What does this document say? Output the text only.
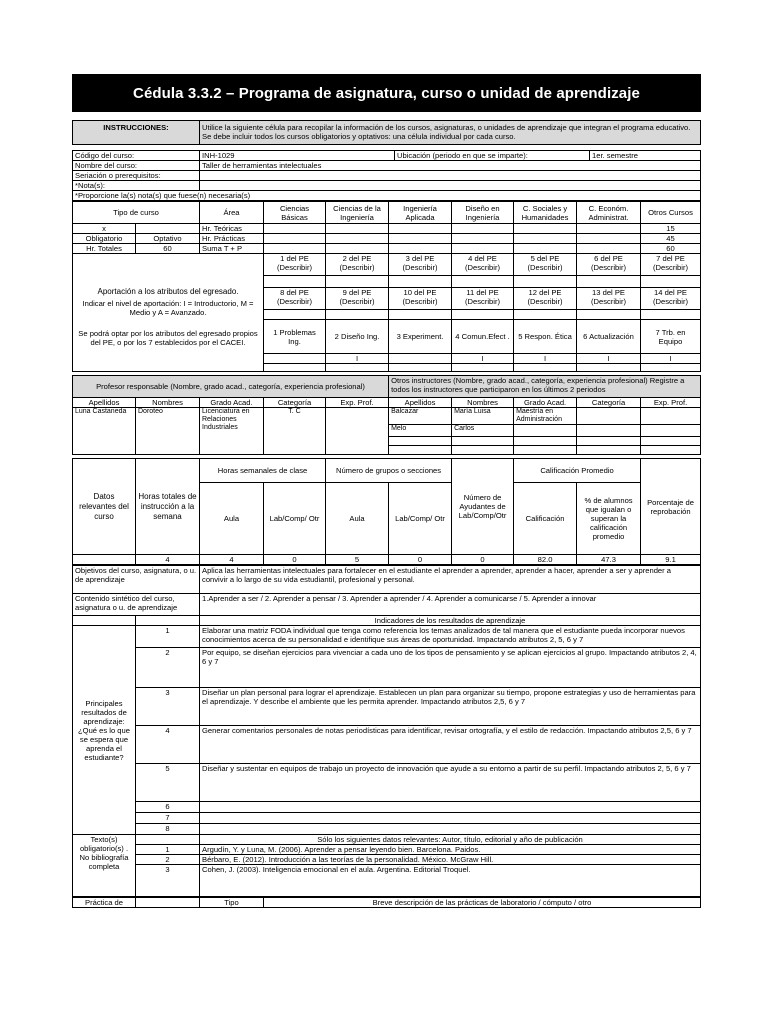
Cédula 3.3.2 – Programa de asignatura, curso o unidad de aprendizaje
INSTRUCCIONES:	Utilice la siguiente célula para recopilar la información de los cursos, asignaturas, o unidades de aprendizaje que integran el programa educativo. Se debe incluir todos los cursos obligatorios y optativos: una célula individual por cada curso.
Código del curso:	INH-1029	Ubicación (periodo en que se imparte):	1er. semestre
Nombre del curso:	Taller de herramientas intelectuales		
Seriación o prerequisitos:			
*Nota(s):			
*Proporcione la(s) nota(s) que fuese(n) necesaria(s)			
Tipo de curso		Área	Ciencias Básicas	Ciencias de la Ingeniería	Ingeniería Aplicada	Diseño en Ingeniería	C. Sociales y Humanidades	C. Económ. Administrat.	Otros Cursos
x		Hr. Teóricas							15
Obligatorio	Optativo	Hr. Prácticas							45
Hr. Totales	60	Suma T + P							60

Aportación a los atributos del egresado.
Indicar el nivel de aportación: I = Introductorio, M = Medio y A = Avanzado.
Se podrá optar por los atributos del egresado propios del PE, o por los 7 establecidos por el CACEI.			1 del PE (Describir)	2 del PE (Describir)	3 del PE (Describir)	4 del PE (Describir)	5 del PE (Describir)	6 del PE (Describir)	7 del PE (Describir)

			8 del PE (Describir)	9 del PE (Describir)	10 del PE (Describir)	11 del PE (Describir)	12 del PE (Describir)	13 del PE (Describir)	14 del PE (Describir)

			1 Problemas Ing.	2 Diseño Ing.	3 Experiment.	4 Comun.Efect .	5 Respon. Ética	6 Actualización	7 Trb. en Equipo
				I		I	I	I	I

Profesor responsable (Nombre, grado acad., categoría, experiencia profesional)					Otros instructores (Nombre, grado acad., categoría, experiencia profesional) Registre a todos los instructores que participaron en los últimos 2 periodos				
Apellidos	Nombres	Grado Acad.	Categoría	Exp. Prof.	Apellidos	Nombres	Grado Acad.	Categoría	Exp. Prof.
Luna Castaneda	Doroteo	Licenciatura en Relaciones Industriales	T. C		Balcazar	María Luisa	Maestría en Administración		
					Melo	Carlos			

Datos relevantes del curso	Horas totales de instrucción a la semana	Horas semanales de clase		Número de grupos o secciones		Número de Ayudantes de Lab/Comp/Otr	Calificación Promedio		Porcentaje de reprobación
		Aula	Lab/Comp/ Otr	Aula	Lab/Comp/ Otr		Calificación	% de alumnos que igualan o superan la calificación promedio	
	4	4	0	5	0	0	82.0	47.3	9.1
Objetivos del curso, asignatura, o u. de aprendizaje		Aplica las herramientas intelectuales para fortalecer en el estudiante el aprender a aprender, aprender a hacer, aprender a ser y aprender a convivir a lo largo de su vida estudiantil, profesional y personal.
Contenido sintético del curso, asignatura o u. de aprendizaje		1.Aprender a ser / 2. Aprender a pensar / 3. Aprender a aprender / 4. Aprender a comunicarse / 5. Aprender a innovar
		Indicadores de los resultados de aprendizaje
Principales resultados de aprendizaje: ¿Qué es lo que se espera que aprenda el estudiante?	1	Elaborar una matriz FODA individual que tenga como referencia los temas analizados de tal manera que el estudiante pueda incorporar nuevos conocimientos acerca de su personalidad e identifique sus áreas de oportunidad. Impactando atributos 2, 5, 6 y 7
	2	Por equipo, se diseñan ejercicios para vivenciar a cada uno de los tipos de pensamiento y se aplican ejercicios al grupo. Impactando atributos 2, 4, 6 y 7
	3	Diseñar un plan personal para lograr el aprendizaje. Establecen un plan para organizar su tiempo, propone estrategias y uso de herramientas para el aprendizaje. Y describe el ambiente que les permita aprender. Impactando atributos 2,5, 6 y 7
	4	Generar comentarios personales de notas periodísticas para identificar, revisar ortografía, y el estilo de redacción. Impactando atributos 2,5, 6 y 7
	5	Diseñar y sustentar en equipos de trabajo un proyecto de innovación que ayude a su entorno a partir de su perfil. Impactando atributos 2, 5, 6 y 7
	6	
	7	
	8	
Texto(s) obligatorio(s) . No bibliografía completa		Sólo los siguientes datos relevantes: Autor, título, editorial y año de publicación
	1	Argudín, Y. y Luna, M. (2006). Aprender a pensar leyendo bien. Barcelona. Paidos.
	2	Bérbaro, E. (2012). Introducción a las teorías de la personalidad. México. McGraw Hill.
	3	Cohen, J. (2003). Inteligencia emocional en el aula. Argentina. Editorial Troquel.
Práctica de		Tipo	Breve descripción de las prácticas de laboratorio / cómputo / otro
